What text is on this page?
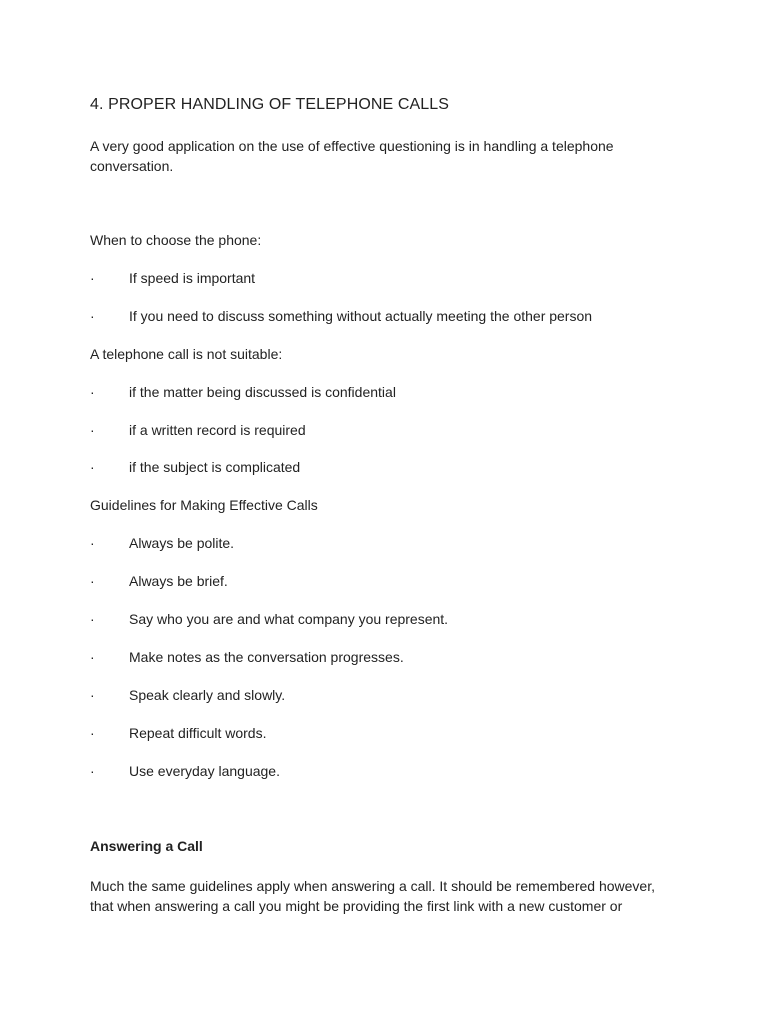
4. PROPER HANDLING OF TELEPHONE CALLS

A very good application on the use of effective questioning is in handling a telephone conversation.

When to choose the phone:
·	If speed is important
·	If you need to discuss something without actually meeting the other person
A telephone call is not suitable:
·	if the matter being discussed is confidential
·	if a written record is required
·	if the subject is complicated
Guidelines for Making Effective Calls
·	Always be polite.
·	Always be brief.
·	Say who you are and what company you represent.
·	Make notes as the conversation progresses.
·	Speak clearly and slowly.
·	Repeat difficult words.
·	Use everyday language.
Answering a Call

Much the same guidelines apply when answering a call. It should be remembered however, that when answering a call you might be providing the first link with a new customer or
